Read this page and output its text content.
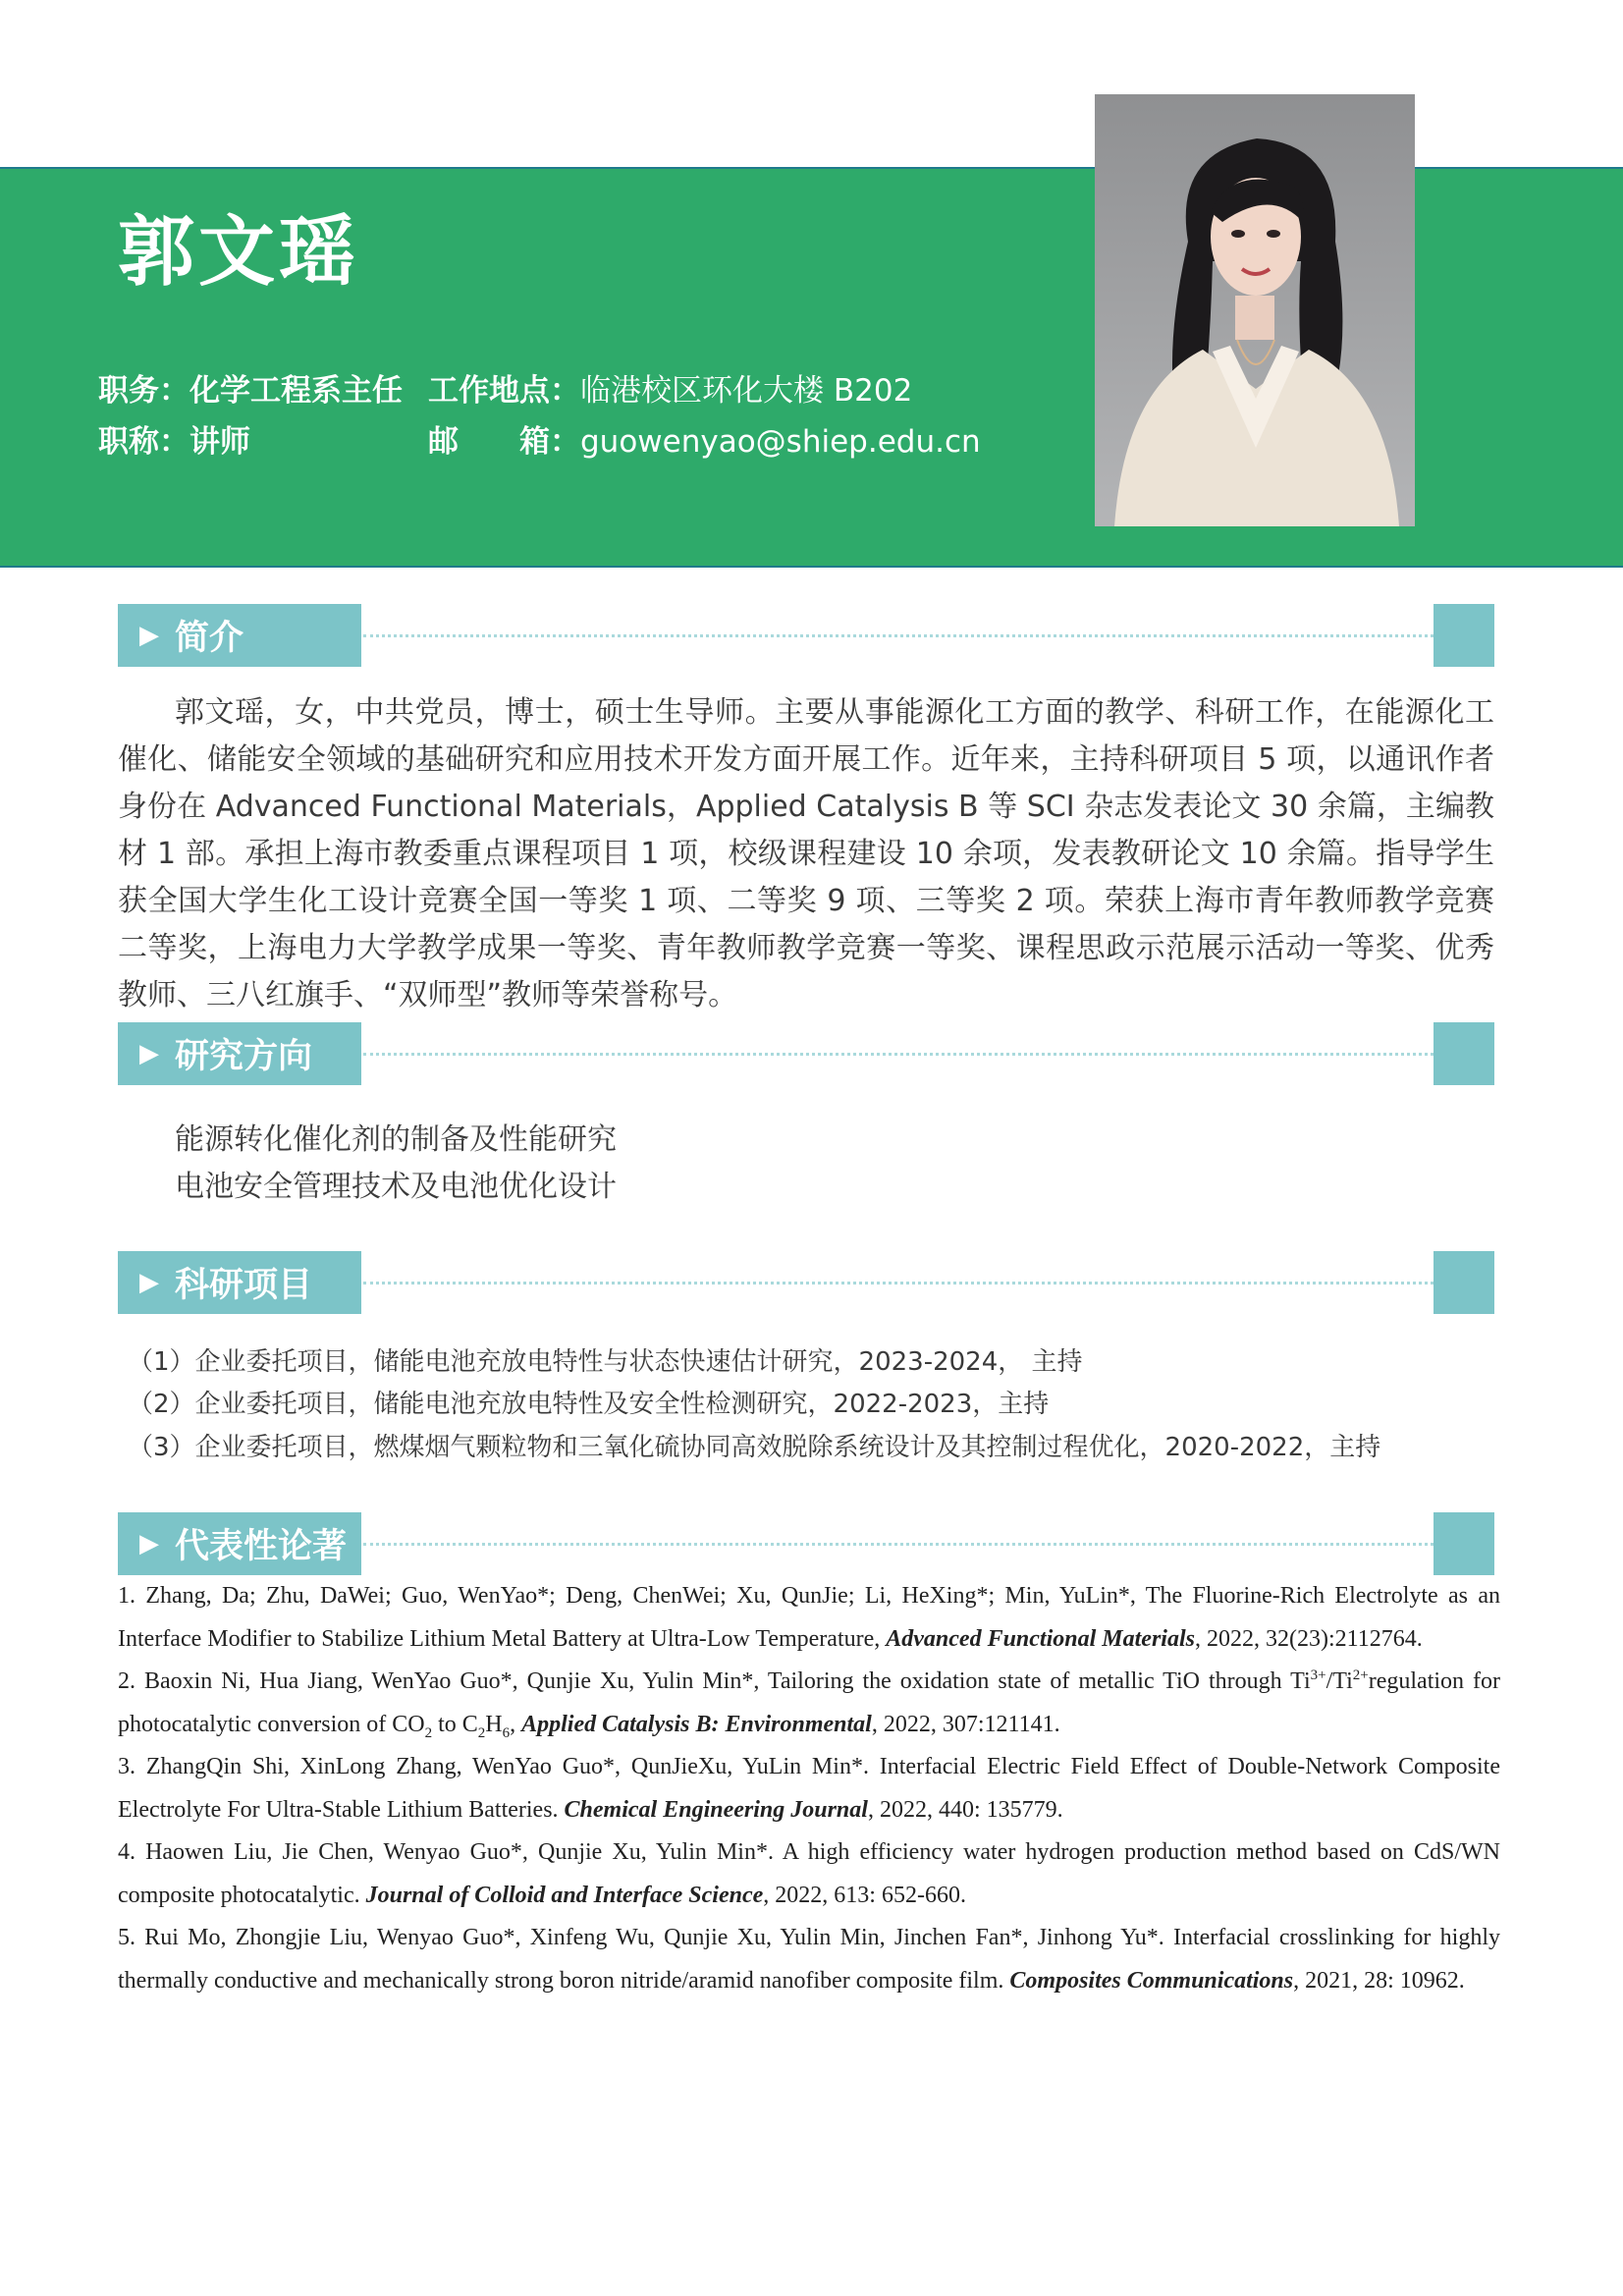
郭文瑶
职务：化学工程系主任 工作地点：临港校区环化大楼 B202
职称：讲师	邮　　箱：guowenyao@shiep.edu.cn
▶ 简介
郭文瑶，女，中共党员，博士，硕士生导师。主要从事能源化工方面的教学、科研工作，在能源化工催化、储能安全领域的基础研究和应用技术开发方面开展工作。近年来，主持科研项目 5 项，以通讯作者身份在 Advanced Functional Materials，Applied Catalysis B 等 SCI 杂志发表论文 30 余篇，主编教材 1 部。承担上海市教委重点课程项目 1 项，校级课程建设 10 余项，发表教研论文 10 余篇。指导学生获全国大学生化工设计竞赛全国一等奖 1 项、二等奖 9 项、三等奖 2 项。荣获上海市青年教师教学竞赛二等奖，上海电力大学教学成果一等奖、青年教师教学竞赛一等奖、课程思政示范展示活动一等奖、优秀教师、三八红旗手、“双师型”教师等荣誉称号。
▶ 研究方向
能源转化催化剂的制备及性能研究
电池安全管理技术及电池优化设计
▶ 科研项目
（1）企业委托项目，储能电池充放电特性与状态快速估计研究，2023-2024， 主持
（2）企业委托项目，储能电池充放电特性及安全性检测研究，2022-2023，主持
（3）企业委托项目，燃煤烟气颗粒物和三氧化硫协同高效脱除系统设计及其控制过程优化，2020-2022，主持
▶ 代表性论著

1. Zhang, Da; Zhu, DaWei; Guo, WenYao*; Deng, ChenWei; Xu, QunJie; Li, HeXing*; Min, YuLin*, The Fluorine-Rich Electrolyte as an Interface Modifier to Stabilize Lithium Metal Battery at Ultra-Low Temperature, Advanced Functional Materials, 2022, 32(23):2112764.

2. Baoxin Ni, Hua Jiang, WenYao Guo*, Qunjie Xu, Yulin Min*, Tailoring the oxidation state of metallic TiO through $Ti^{3+}/Ti^{2+}regulation$ for photocatalytic conversion of $CO_2$ to $C_2H_6$, Applied Catalysis B: Environmental, 2022, 307:121141.

3. ZhangQin Shi, XinLong Zhang, WenYao Guo*, QunJieXu, YuLin Min*. Interfacial Electric Field Effect of Double-Network Composite Electrolyte For Ultra-Stable Lithium Batteries. Chemical Engineering Journal, 2022, 440: 135779.

4. Haowen Liu, Jie Chen, Wenyao Guo*, Qunjie Xu, Yulin Min*. A high efficiency water hydrogen production method based on CdS/WN composite photocatalytic. Journal of Colloid and Interface Science, 2022, 613: 652-660.

5. Rui Mo, Zhongjie Liu, Wenyao Guo*, Xinfeng Wu, Qunjie Xu, Yulin Min, Jinchen Fan*, Jinhong Yu*. Interfacial crosslinking for highly thermally conductive and mechanically strong boron nitride/aramid nanofiber composite film. Composites Communications, 2021, 28: 10962.
